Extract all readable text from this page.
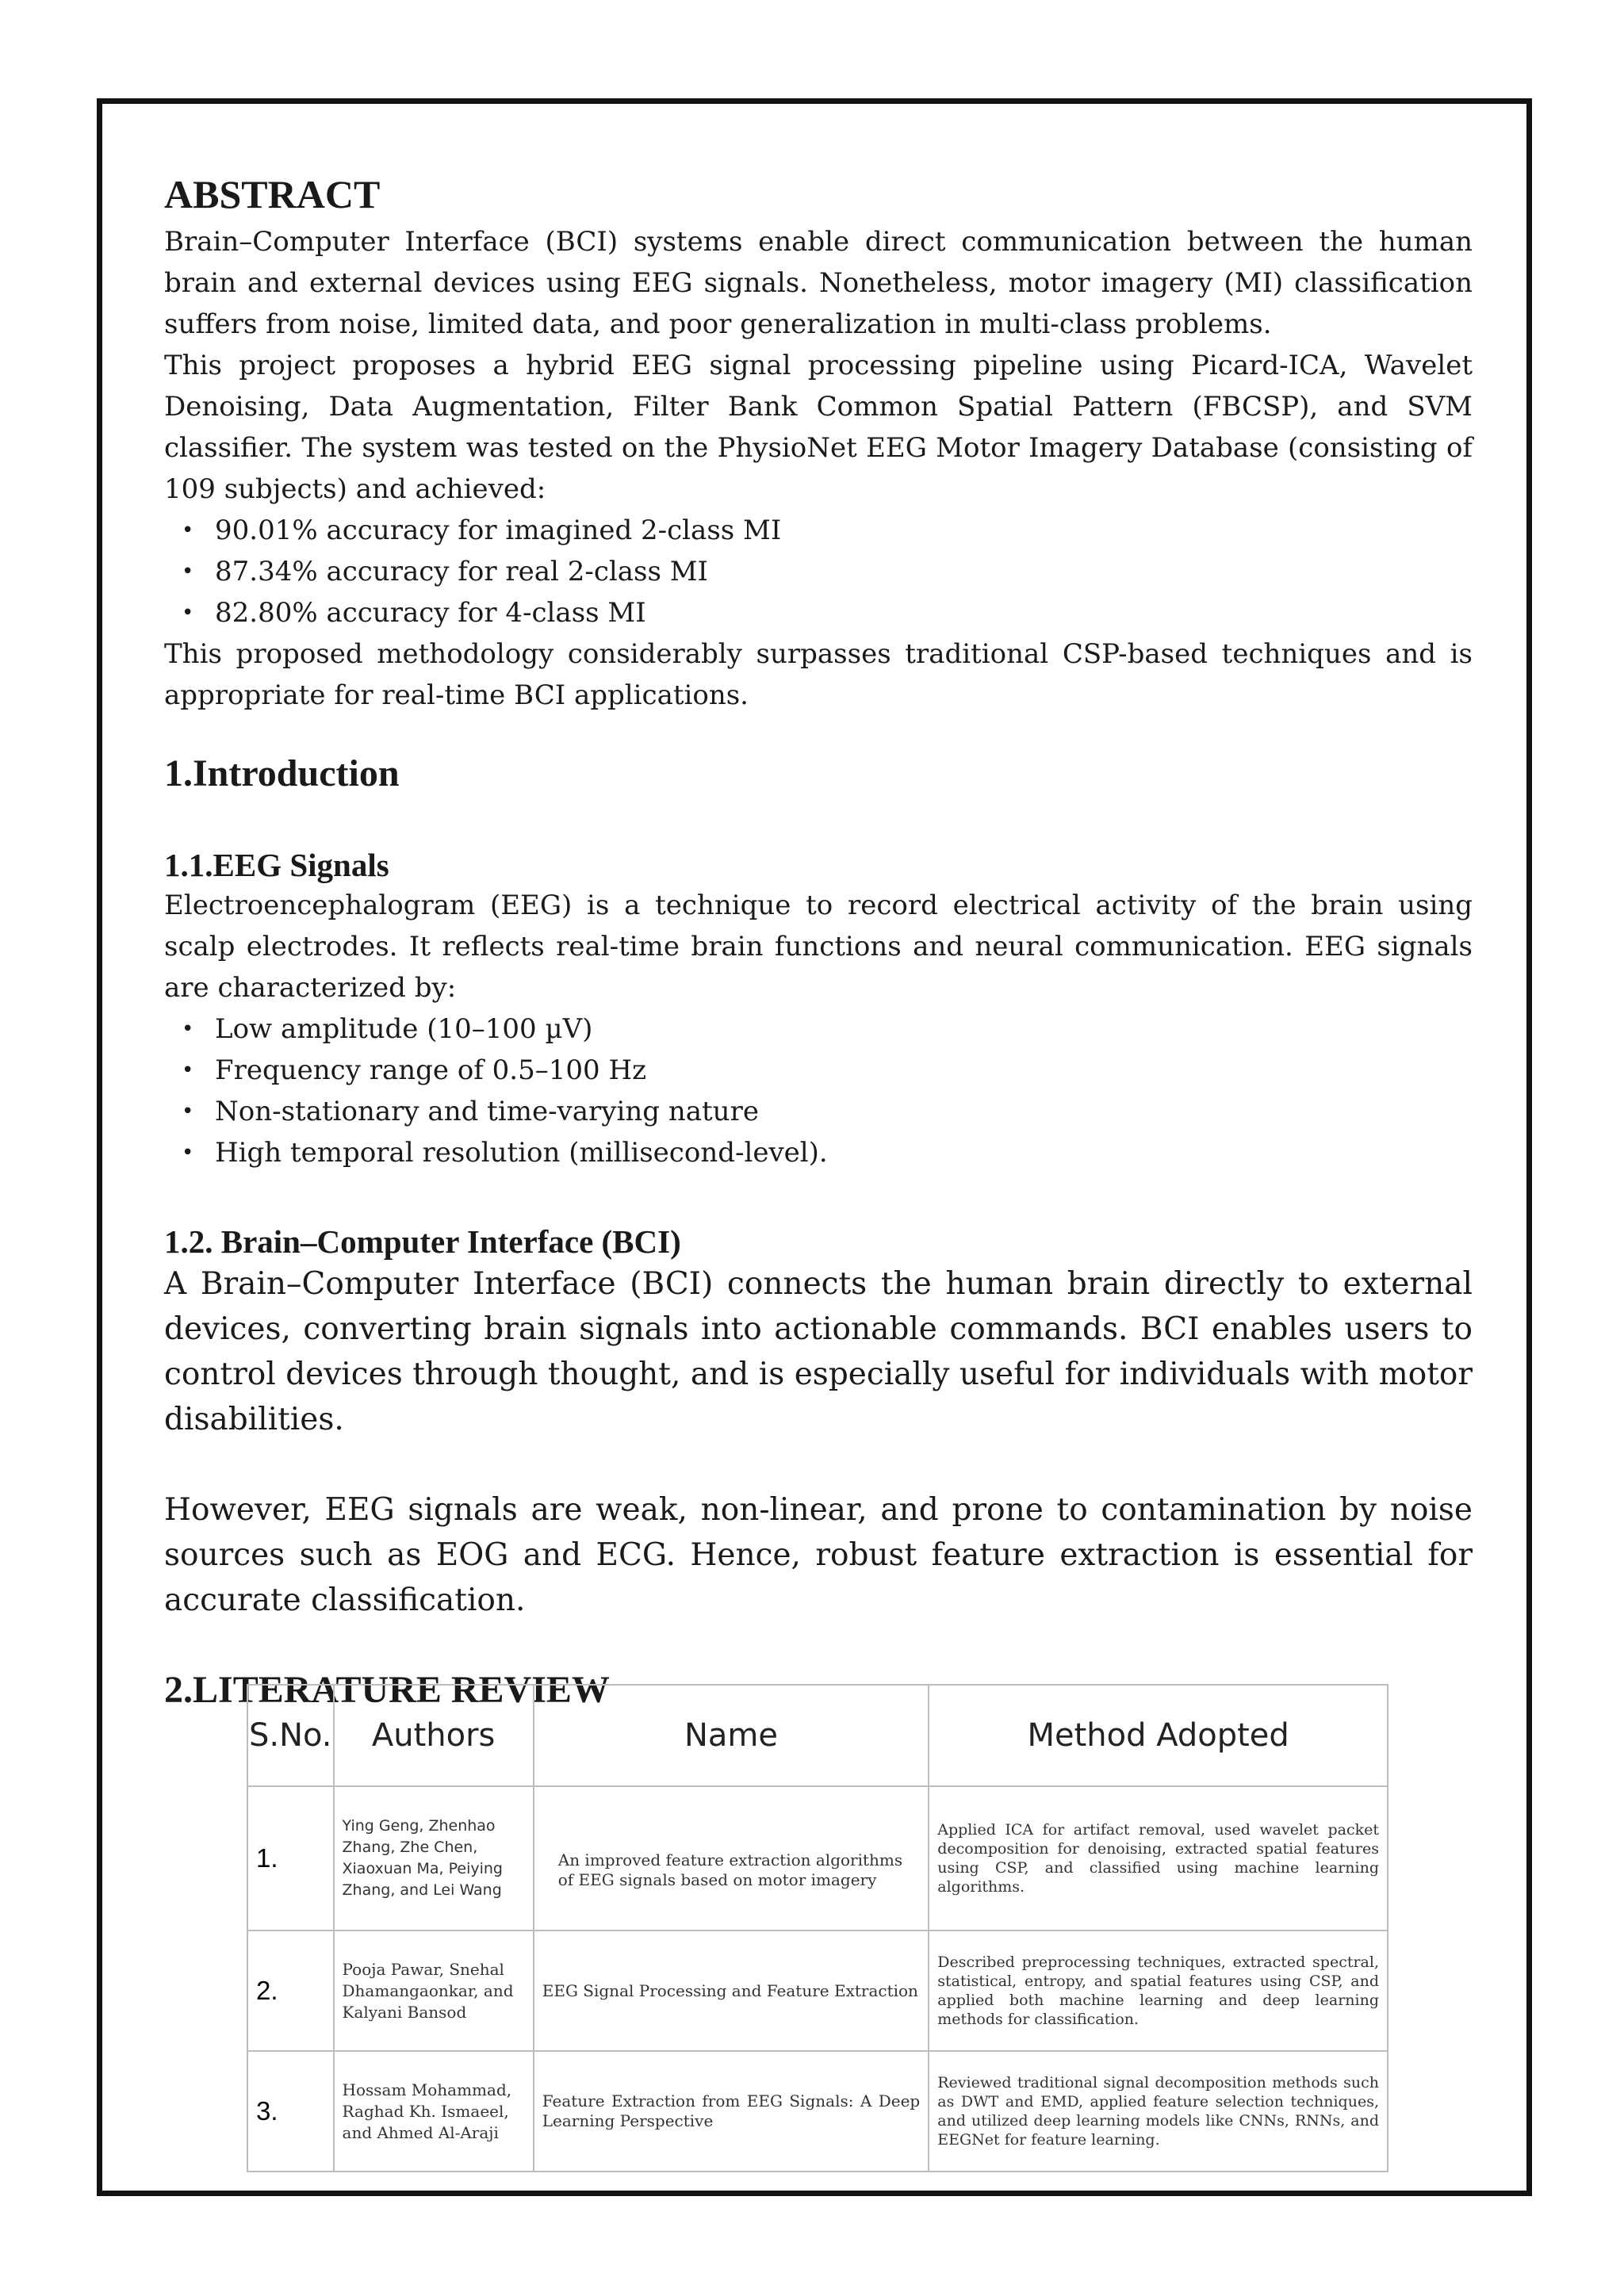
ABSTRACT

Brain–Computer Interface (BCI) systems enable direct communication between the human brain and external devices using EEG signals. Nonetheless, motor imagery (MI) classification suffers from noise, limited data, and poor generalization in multi-class problems.

This project proposes a hybrid EEG signal processing pipeline using Picard-ICA, Wavelet Denoising, Data Augmentation, Filter Bank Common Spatial Pattern (FBCSP), and SVM classifier. The system was tested on the PhysioNet EEG Motor Imagery Database (consisting of 109 subjects) and achieved:

• 90.01% accuracy for imagined 2-class MI
• 87.34% accuracy for real 2-class MI
• 82.80% accuracy for 4-class MI

This proposed methodology considerably surpasses traditional CSP-based techniques and is appropriate for real-time BCI applications.

1.Introduction
1.1.EEG Signals

Electroencephalogram (EEG) is a technique to record electrical activity of the brain using scalp electrodes. It reflects real-time brain functions and neural communication. EEG signals are characterized by:

• Low amplitude (10–100 µV)
• Frequency range of 0.5–100 Hz
• Non-stationary and time-varying nature
• High temporal resolution (millisecond-level).
1.2. Brain–Computer Interface (BCI)

A Brain–Computer Interface (BCI) connects the human brain directly to external devices, converting brain signals into actionable commands. BCI enables users to control devices through thought, and is especially useful for individuals with motor disabilities.

However, EEG signals are weak, non-linear, and prone to contamination by noise sources such as EOG and ECG. Hence, robust feature extraction is essential for accurate classification.

2.LITERATURE REVIEW
S.No.	Authors	Name	Method Adopted
1.	Ying Geng, Zhenhao Zhang, Zhe Chen, Xiaoxuan Ma, Peiying Zhang, and Lei Wang	An improved feature extraction algorithms of EEG signals based on motor imagery	Applied ICA for artifact removal, used wavelet packet decomposition for denoising, extracted spatial features using CSP, and classified using machine learning algorithms.
2.	Pooja Pawar, Snehal Dhamangaonkar, and Kalyani Bansod	EEG Signal Processing and Feature Extraction	Described preprocessing techniques, extracted spectral, statistical, entropy, and spatial features using CSP, and applied both machine learning and deep learning methods for classification.
3.	Hossam Mohammad, Raghad Kh. Ismaeel, and Ahmed Al-Araji	Feature Extraction from EEG Signals: A Deep Learning Perspective	Reviewed traditional signal decomposition methods such as DWT and EMD, applied feature selection techniques, and utilized deep learning models like CNNs, RNNs, and EEGNet for feature learning.
